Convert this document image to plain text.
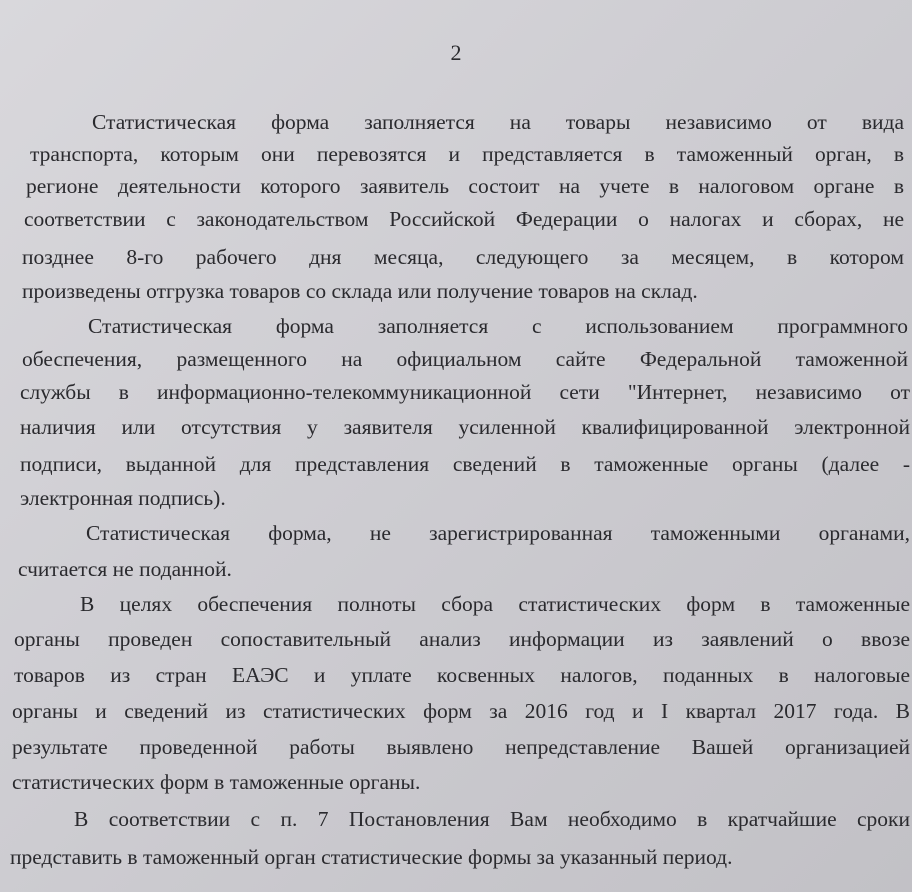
2
Статистическая форма заполняется на товары независимо от вида
транспорта, которым они перевозятся и представляется в таможенный орган, в
регионе деятельности которого заявитель состоит на учете в налоговом органе в
соответствии с законодательством Российской Федерации о налогах и сборах, не
позднее 8-го рабочего дня месяца, следующего за месяцем, в котором
произведены отгрузка товаров со склада или получение товаров на склад.
Статистическая форма заполняется с использованием программного
обеспечения, размещенного на официальном сайте Федеральной таможенной
службы в информационно-телекоммуникационной сети "Интернет, независимо от
наличия или отсутствия у заявителя усиленной квалифицированной электронной
подписи, выданной для представления сведений в таможенные органы (далее -
электронная подпись).
Статистическая форма, не зарегистрированная таможенными органами,
считается не поданной.
В целях обеспечения полноты сбора статистических форм в таможенные
органы проведен сопоставительный анализ информации из заявлений о ввозе
товаров из стран ЕАЭС и уплате косвенных налогов, поданных в налоговые
органы и сведений из статистических форм за 2016 год и I квартал 2017 года. В
результате проведенной работы выявлено непредставление Вашей организацией
статистических форм в таможенные органы.
В соответствии с п. 7 Постановления Вам необходимо в кратчайшие сроки
представить в таможенный орган статистические формы за указанный период.
